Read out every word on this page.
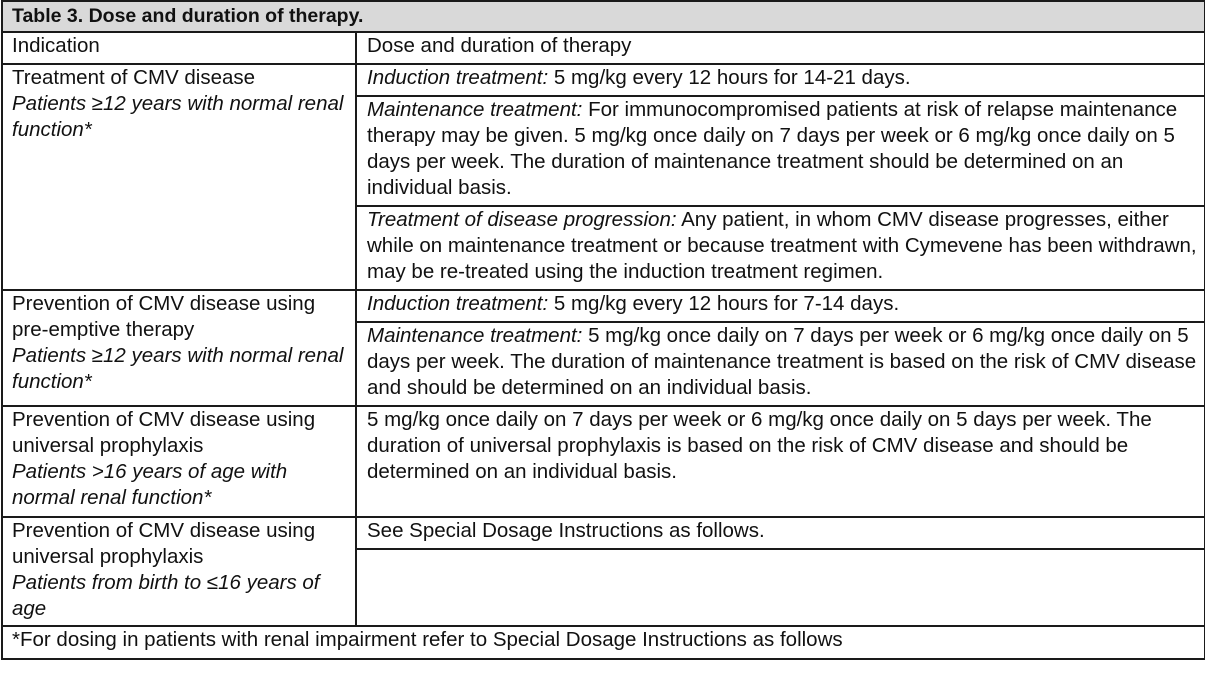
Table 3. Dose and duration of therapy.	
Indication	Dose and duration of therapy

Treatment of CMV disease
Patients ≥12 years with normal renal function*	Induction treatment: 5 mg/kg every 12 hours for 14-21 days.
	Maintenance treatment: For immunocompromised patients at risk of relapse maintenance therapy may be given. 5 mg/kg once daily on 7 days per week or 6 mg/kg once daily on 5 days per week. The duration of maintenance treatment should be determined on an individual basis.
	Treatment of disease progression: Any patient, in whom CMV disease progresses, either while on maintenance treatment or because treatment with Cymevene has been withdrawn, may be re-treated using the induction treatment regimen.

Prevention of CMV disease using pre-emptive therapy
Patients ≥12 years with normal renal function*	Induction treatment: 5 mg/kg every 12 hours for 7-14 days.
	Maintenance treatment: 5 mg/kg once daily on 7 days per week or 6 mg/kg once daily on 5 days per week. The duration of maintenance treatment is based on the risk of CMV disease and should be determined on an individual basis.

Prevention of CMV disease using universal prophylaxis
Patients >16 years of age with normal renal function*	5 mg/kg once daily on 7 days per week or 6 mg/kg once daily on 5 days per week. The duration of universal prophylaxis is based on the risk of CMV disease and should be determined on an individual basis.

Prevention of CMV disease using universal prophylaxis
Patients from birth to ≤16 years of age	See Special Dosage Instructions as follows.

*For dosing in patients with renal impairment refer to Special Dosage Instructions as follows	
